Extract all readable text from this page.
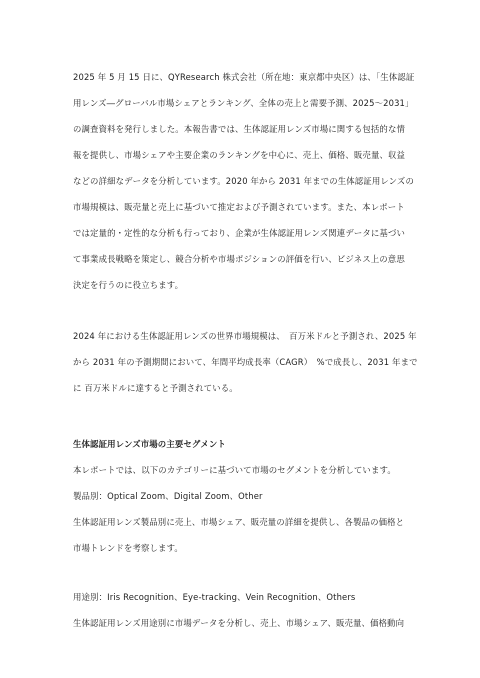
2025 年 5 月 15 日に、QYResearch 株式会社（所在地：東京都中央区）は、「生体認証

用レンズ―グローバル市場シェアとランキング、全体の売上と需要予測、2025～2031」

の調査資料を発行しました。本報告書では、生体認証用レンズ市場に関する包括的な情

報を提供し、市場シェアや主要企業のランキングを中心に、売上、価格、販売量、収益

などの詳細なデータを分析しています。2020 年から 2031 年までの生体認証用レンズの

市場規模は、販売量と売上に基づいて推定および予測されています。また、本レポート

では定量的・定性的な分析も行っており、企業が生体認証用レンズ関連データに基づい

て事業成長戦略を策定し、競合分析や市場ポジションの評価を行い、ビジネス上の意思

決定を行うのに役立ちます。

2024 年における生体認証用レンズの世界市場規模は、　百万米ドルと予測され、2025 年

から 2031 年の予測期間において、年間平均成長率（CAGR）　%で成長し、2031 年まで

に 百万米ドルに達すると予測されている。

生体認証用レンズ市場の主要セグメント

本レポートでは、以下のカテゴリーに基づいて市場のセグメントを分析しています。

製品別：Optical Zoom、Digital Zoom、Other

生体認証用レンズ製品別に売上、市場シェア、販売量の詳細を提供し、各製品の価格と

市場トレンドを考察します。

用途別：Iris Recognition、Eye-tracking、Vein Recognition、Others

生体認証用レンズ用途別に市場データを分析し、売上、市場シェア、販売量、価格動向
